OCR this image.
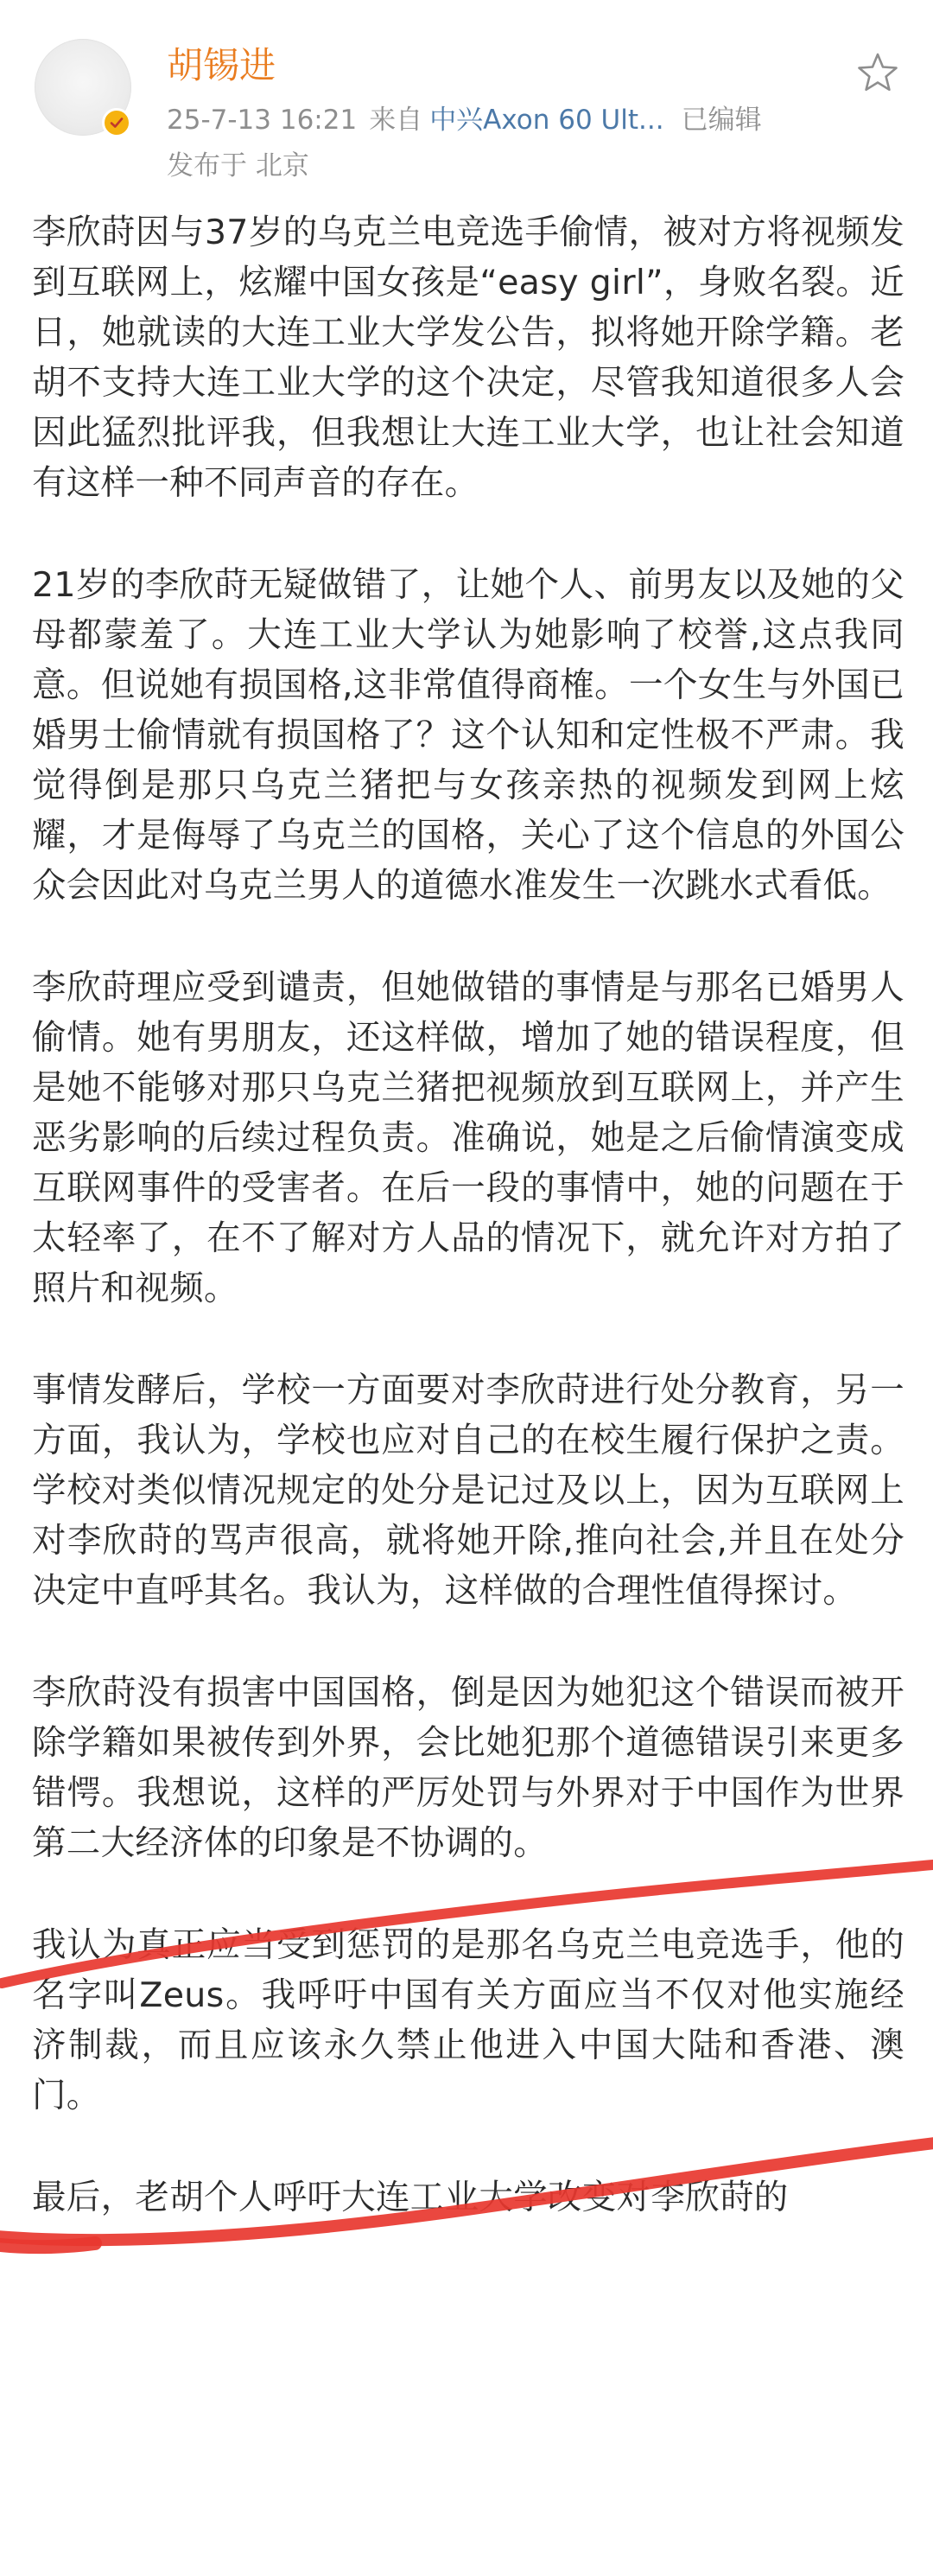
胡锡进
25-7-13 16:21 来自 中兴Axon 60 Ult... 已编辑
发布于 北京

李欣莳因与37岁的乌克兰电竞选手偷情，被对方将视频发到互联网上，炫耀中国女孩是“easy girl”，身败名裂。近日，她就读的大连工业大学发公告，拟将她开除学籍。老胡不支持大连工业大学的这个决定，尽管我知道很多人会因此猛烈批评我，但我想让大连工业大学，也让社会知道有这样一种不同声音的存在。

21岁的李欣莳无疑做错了，让她个人、前男友以及她的父母都蒙羞了。大连工业大学认为她影响了校誉,这点我同意。但说她有损国格,这非常值得商榷。一个女生与外国已婚男士偷情就有损国格了？这个认知和定性极不严肃。我觉得倒是那只乌克兰猪把与女孩亲热的视频发到网上炫耀，才是侮辱了乌克兰的国格，关心了这个信息的外国公众会因此对乌克兰男人的道德水准发生一次跳水式看低。

李欣莳理应受到谴责，但她做错的事情是与那名已婚男人偷情。她有男朋友，还这样做，增加了她的错误程度，但是她不能够对那只乌克兰猪把视频放到互联网上，并产生恶劣影响的后续过程负责。准确说，她是之后偷情演变成互联网事件的受害者。在后一段的事情中，她的问题在于太轻率了，在不了解对方人品的情况下，就允许对方拍了照片和视频。

事情发酵后，学校一方面要对李欣莳进行处分教育，另一方面，我认为，学校也应对自己的在校生履行保护之责。学校对类似情况规定的处分是记过及以上，因为互联网上对李欣莳的骂声很高，就将她开除,推向社会,并且在处分决定中直呼其名。我认为，这样做的合理性值得探讨。

李欣莳没有损害中国国格，倒是因为她犯这个错误而被开除学籍如果被传到外界，会比她犯那个道德错误引来更多错愕。我想说，这样的严厉处罚与外界对于中国作为世界第二大经济体的印象是不协调的。

我认为真正应当受到惩罚的是那名乌克兰电竞选手，他的名字叫Zeus。我呼吁中国有关方面应当不仅对他实施经济制裁，而且应该永久禁止他进入中国大陆和香港、澳门。

最后，老胡个人呼吁大连工业大学改变对李欣莳的
